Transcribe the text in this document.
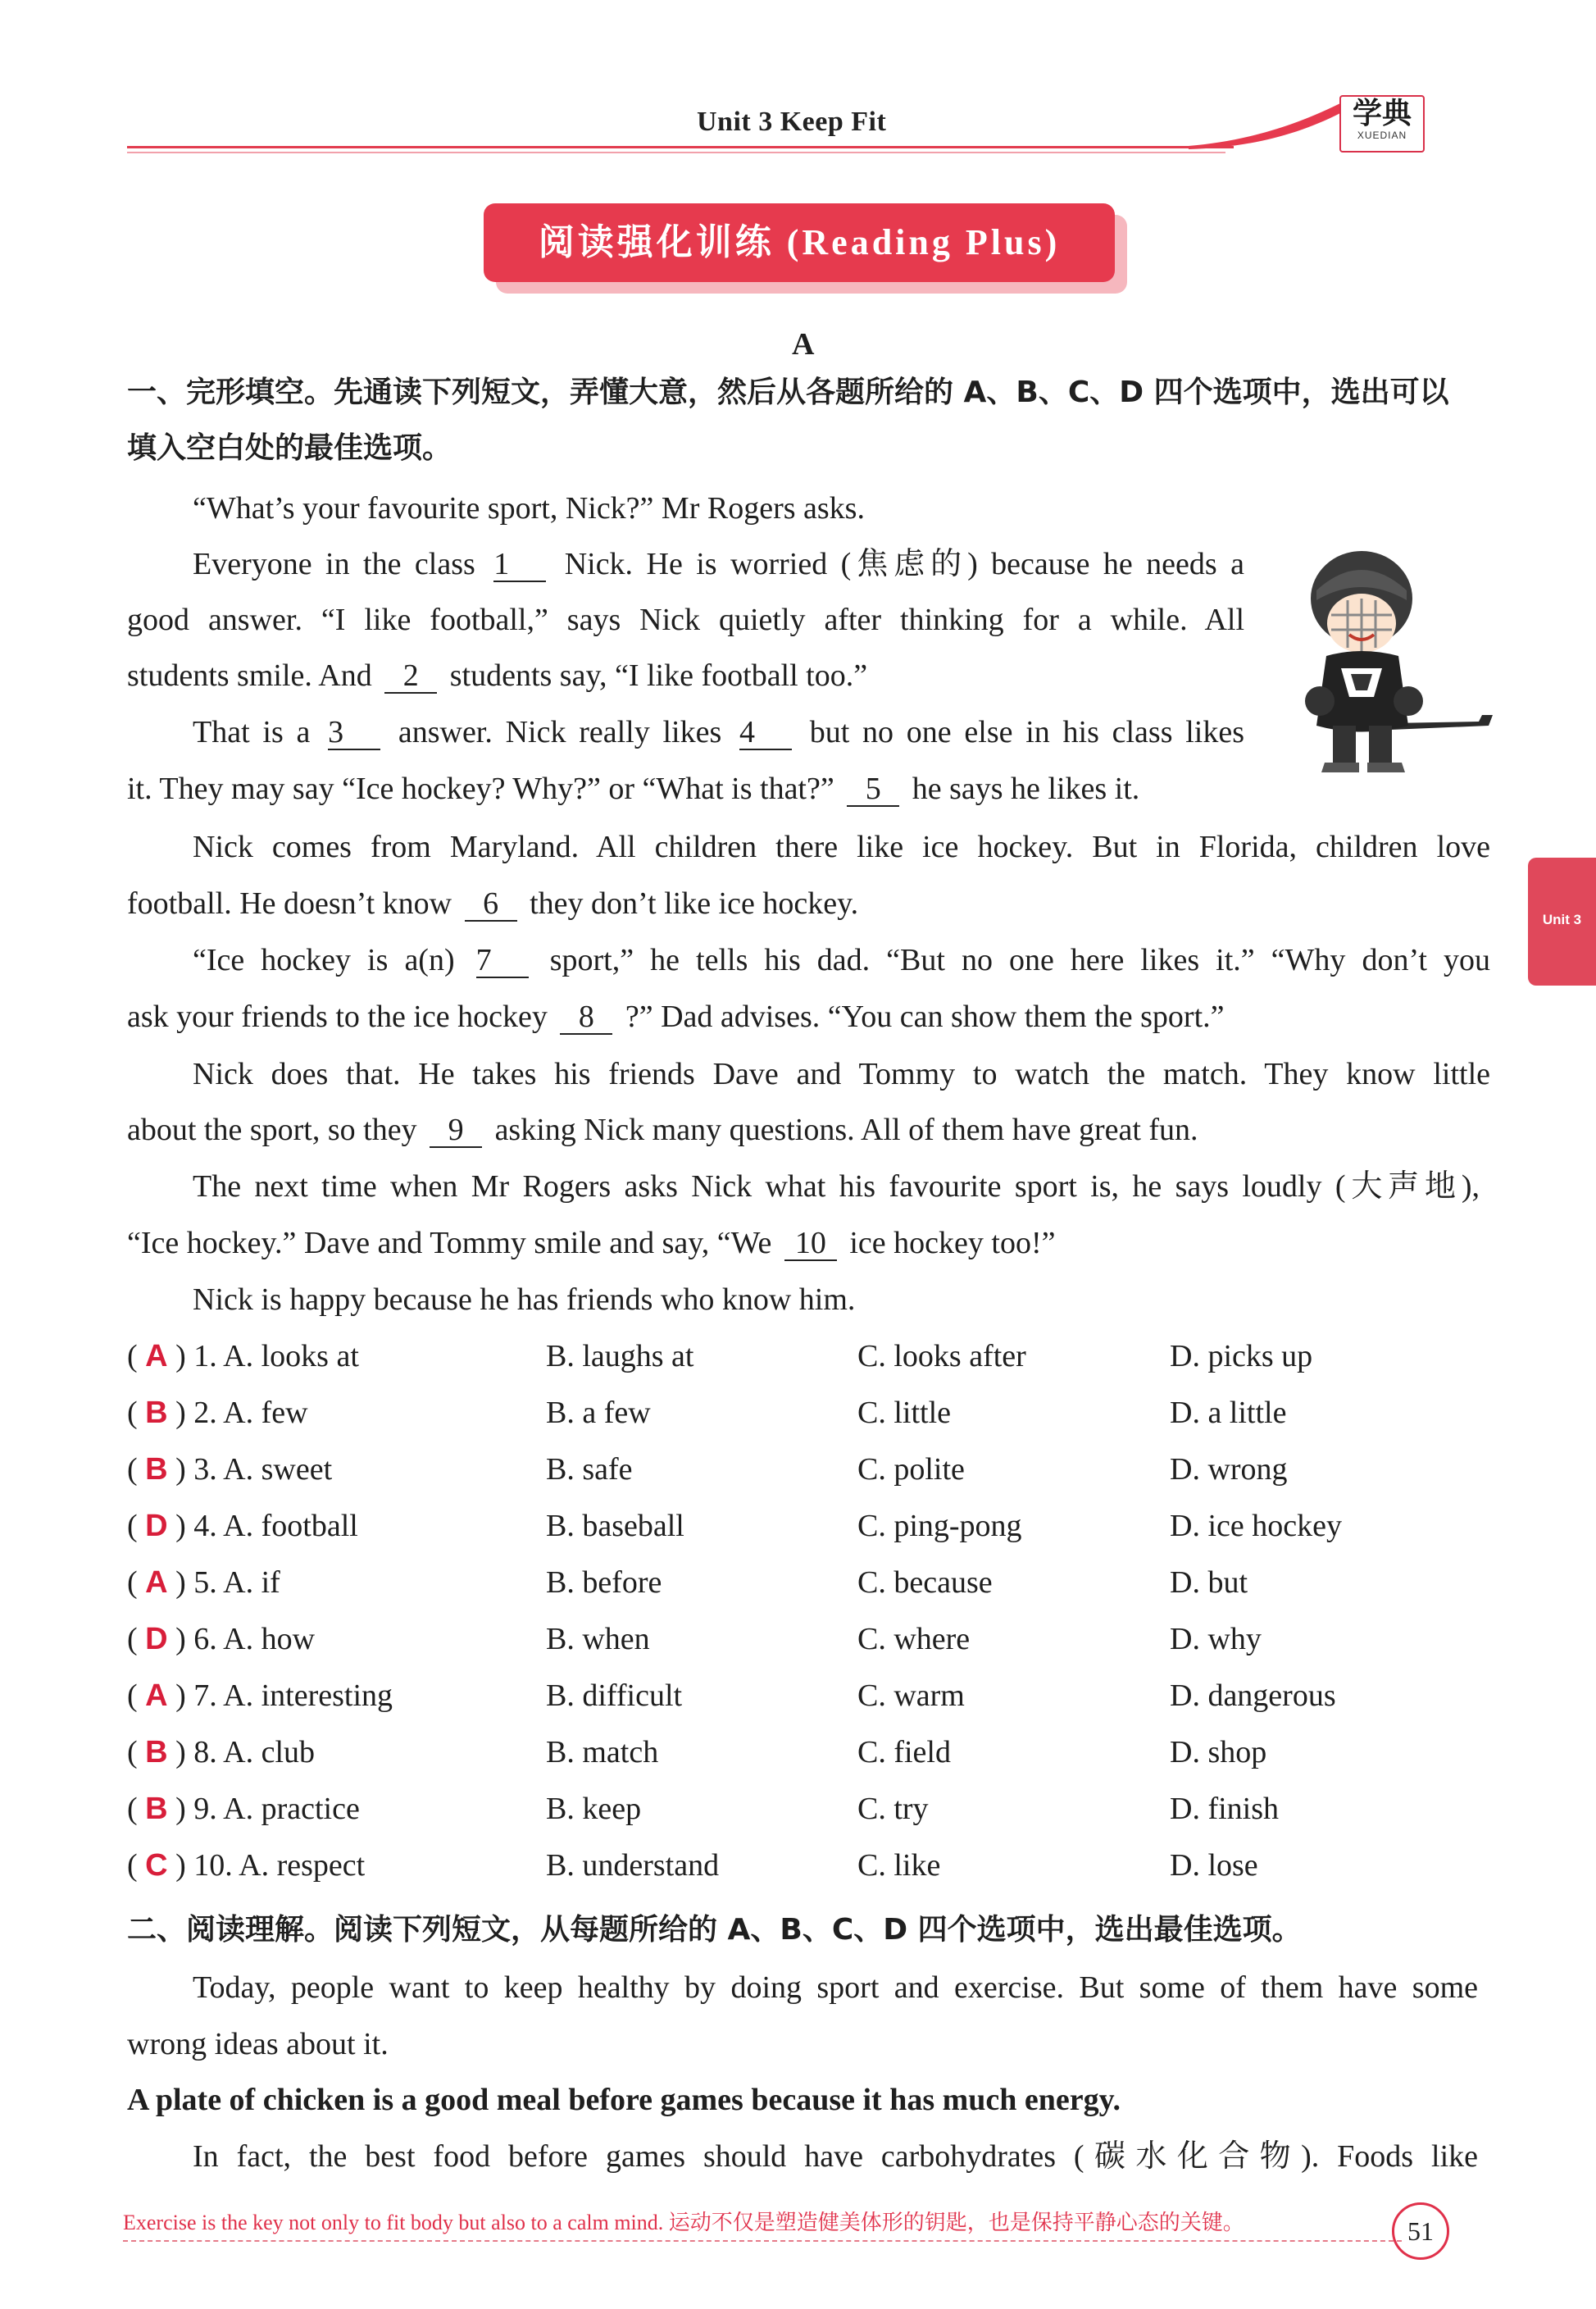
Unit 3 Keep Fit	学典
XUEDIAN
阅读强化训练 (Reading Plus)
A
一、完形填空。先通读下列短文，弄懂大意，然后从各题所给的 A、B、C、D 四个选项中，选出可以
填入空白处的最佳选项。
“What’s your favourite sport, Nick?” Mr Rogers asks.
Everyone in the class 1 Nick. He is worried (焦虑的) because he needs a
good answer. “I like football,” says Nick quietly after thinking for a while. All
students smile. And 2 students say, “I like football too.”
That is a 3 answer. Nick really likes 4 but no one else in his class likes
it. They may say “Ice hockey? Why?” or “What is that?” 5 he says he likes it.
Nick comes from Maryland. All children there like ice hockey. But in Florida, children love
football. He doesn’t know 6 they don’t like ice hockey.
“Ice hockey is a(n) 7 sport,” he tells his dad. “But no one here likes it.” “Why don’t you
ask your friends to the ice hockey 8 ?” Dad advises. “You can show them the sport.”
Nick does that. He takes his friends Dave and Tommy to watch the match. They know little
about the sport, so they 9 asking Nick many questions. All of them have great fun.
The next time when Mr Rogers asks Nick what his favourite sport is, he says loudly (大声地),
“Ice hockey.” Dave and Tommy smile and say, “We 10 ice hockey too!”
Nick is happy because he has friends who know him.
( A ) 1. A. looks at	B. laughs at	C. looks after	D. picks up
( B ) 2. A. few	B. a few	C. little	D. a little
( B ) 3. A. sweet	B. safe	C. polite	D. wrong
( D ) 4. A. football	B. baseball	C. ping-pong	D. ice hockey
( A ) 5. A. if	B. before	C. because	D. but
( D ) 6. A. how	B. when	C. where	D. why
( A ) 7. A. interesting	B. difficult	C. warm	D. dangerous
( B ) 8. A. club	B. match	C. field	D. shop
( B ) 9. A. practice	B. keep	C. try	D. finish
( C ) 10. A. respect	B. understand	C. like	D. lose
二、阅读理解。阅读下列短文，从每题所给的 A、B、C、D 四个选项中，选出最佳选项。
Today, people want to keep healthy by doing sport and exercise. But some of them have some
wrong ideas about it.
A plate of chicken is a good meal before games because it has much energy.
In fact, the best food before games should have carbohydrates (碳水化合物). Foods like
Unit 3
Exercise is the key not only to fit body but also to a calm mind. 运动不仅是塑造健美体形的钥匙，也是保持平静心态的关键。	51
